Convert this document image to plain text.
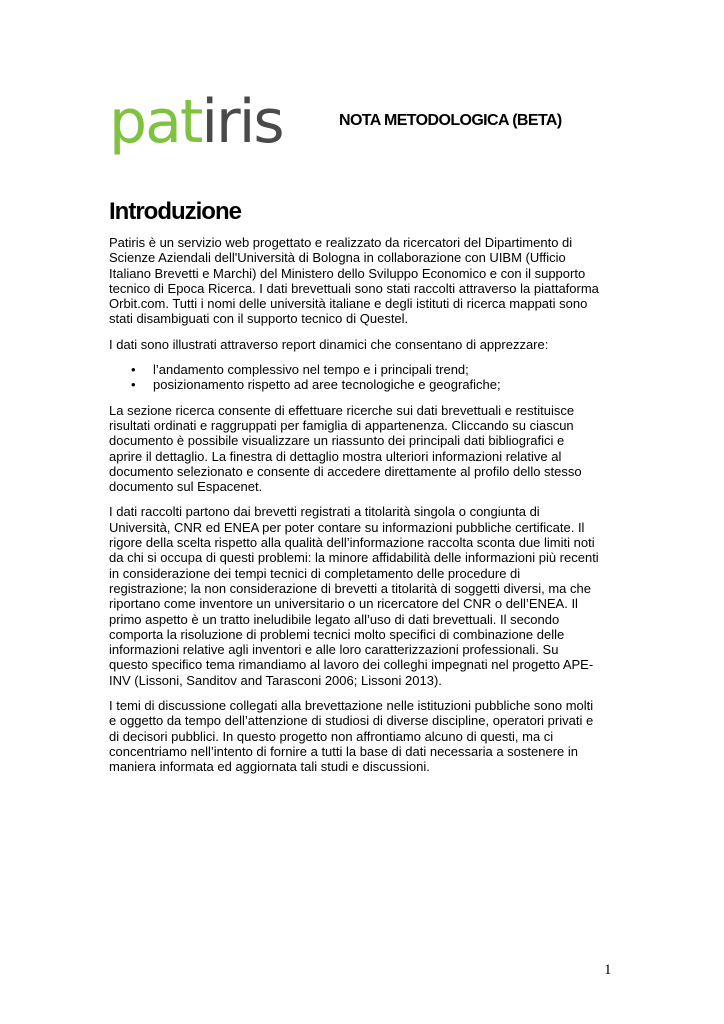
patiris	NOTA METODOLOGICA (BETA)
Introduzione

Patiris è un servizio web progettato e realizzato da ricercatori del Dipartimento di
Scienze Aziendali dell'Università di Bologna in collaborazione con UIBM (Ufficio
Italiano Brevetti e Marchi) del Ministero dello Sviluppo Economico e con il supporto
tecnico di Epoca Ricerca. I dati brevettuali sono stati raccolti attraverso la piattaforma
Orbit.com. Tutti i nomi delle università italiane e degli istituti di ricerca mappati sono
stati disambiguati con il supporto tecnico di Questel.

I dati sono illustrati attraverso report dinamici che consentano di apprezzare:

• l’andamento complessivo nel tempo e i principali trend;
• posizionamento rispetto ad aree tecnologiche e geografiche;

La sezione ricerca consente di effettuare ricerche sui dati brevettuali e restituisce
risultati ordinati e raggruppati per famiglia di appartenenza. Cliccando su ciascun
documento è possibile visualizzare un riassunto dei principali dati bibliografici e
aprire il dettaglio. La finestra di dettaglio mostra ulteriori informazioni relative al
documento selezionato e consente di accedere direttamente al profilo dello stesso
documento sul Espacenet.

I dati raccolti partono dai brevetti registrati a titolarità singola o congiunta di
Università, CNR ed ENEA per poter contare su informazioni pubbliche certificate. Il
rigore della scelta rispetto alla qualità dell’informazione raccolta sconta due limiti noti
da chi si occupa di questi problemi: la minore affidabilità delle informazioni più recenti
in considerazione dei tempi tecnici di completamento delle procedure di
registrazione; la non considerazione di brevetti a titolarità di soggetti diversi, ma che
riportano come inventore un universitario o un ricercatore del CNR o dell’ENEA. Il
primo aspetto è un tratto ineludibile legato all’uso di dati brevettuali. Il secondo
comporta la risoluzione di problemi tecnici molto specifici di combinazione delle
informazioni relative agli inventori e alle loro caratterizzazioni professionali. Su
questo specifico tema rimandiamo al lavoro dei colleghi impegnati nel progetto APE-
INV (Lissoni, Sanditov and Tarasconi 2006; Lissoni 2013).

I temi di discussione collegati alla brevettazione nelle istituzioni pubbliche sono molti
e oggetto da tempo dell’attenzione di studiosi di diverse discipline, operatori privati e
di decisori pubblici. In questo progetto non affrontiamo alcuno di questi, ma ci
concentriamo nell’intento di fornire a tutti la base di dati necessaria a sostenere in
maniera informata ed aggiornata tali studi e discussioni.

1
